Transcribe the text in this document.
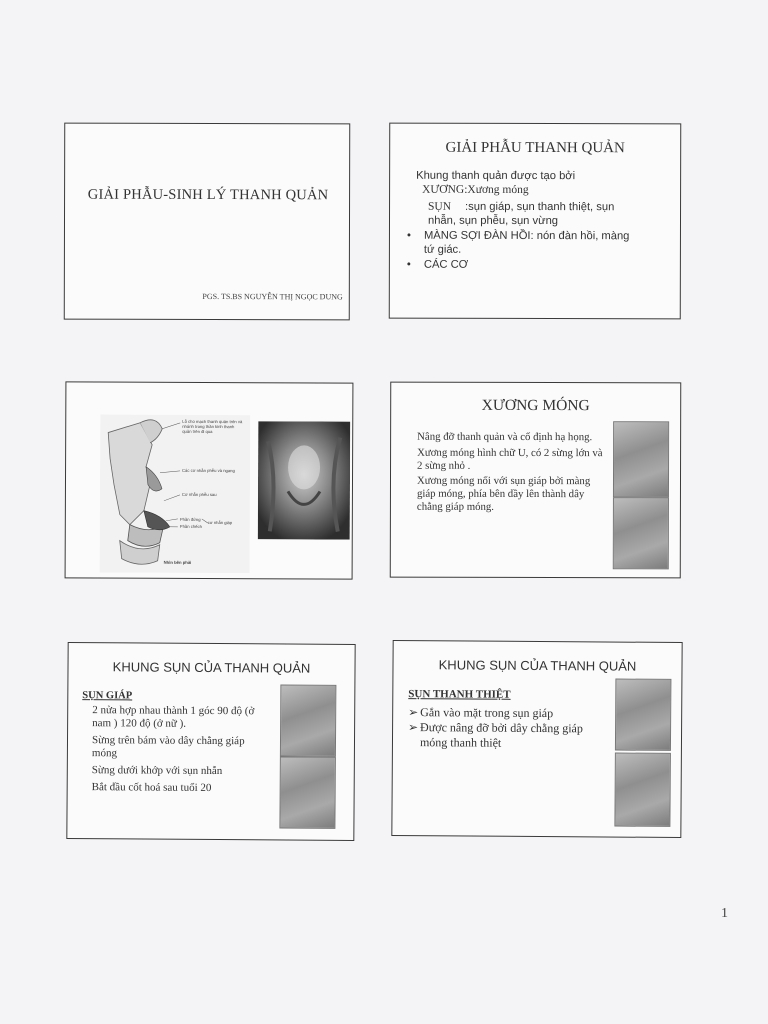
GIẢI PHẪU-SINH LÝ THANH QUẢN
PGS. TS.BS NGUYỄN THỊ NGỌC DUNG
GIẢI PHẪU THANH QUẢN
Khung thanh quản được tạo bởi
XƯƠNG:Xương móng
SỤN :sụn giáp, sụn thanh thiệt, sụn
nhẫn, sụn phễu, sụn vừng
• MÀNG SỢI ĐÀN HỒI: nón đàn hồi, màng
tứ giác.
• CÁC CƠ
Lỗ cho mạch thanh quản trên và nhánh trong thần kinh thanh quản trên đi qua
Các cơ nhẫn phễu và ngang
Cơ nhẫn phễu sau
Phần đứng
Phần chếch
cơ nhẫn giáp
Nhìn bên phải
XƯƠNG MÓNG

Nâng đỡ thanh quản và cố định hạ họng.

Xương móng hình chữ U, có 2 sừng lớn và 2 sừng nhỏ .

Xương móng nối với sụn giáp bởi màng giáp móng, phía bên dầy lên thành dây chằng giáp móng.

KHUNG SỤN CỦA THANH QUẢN
SỤN GIÁP

2 nửa hợp nhau thành 1 góc 90 độ (ở nam ) 120 độ (ở nữ ).

Sừng trên bám vào dây chằng giáp móng

Sừng dưới khớp với sụn nhẫn

Bắt đầu cốt hoá sau tuổi 20

KHUNG SỤN CỦA THANH QUẢN
SỤN THANH THIỆT

➢ Gắn vào mặt trong sụn giáp

➢ Được nâng đỡ bởi dây chằng giáp móng thanh thiệt

1
